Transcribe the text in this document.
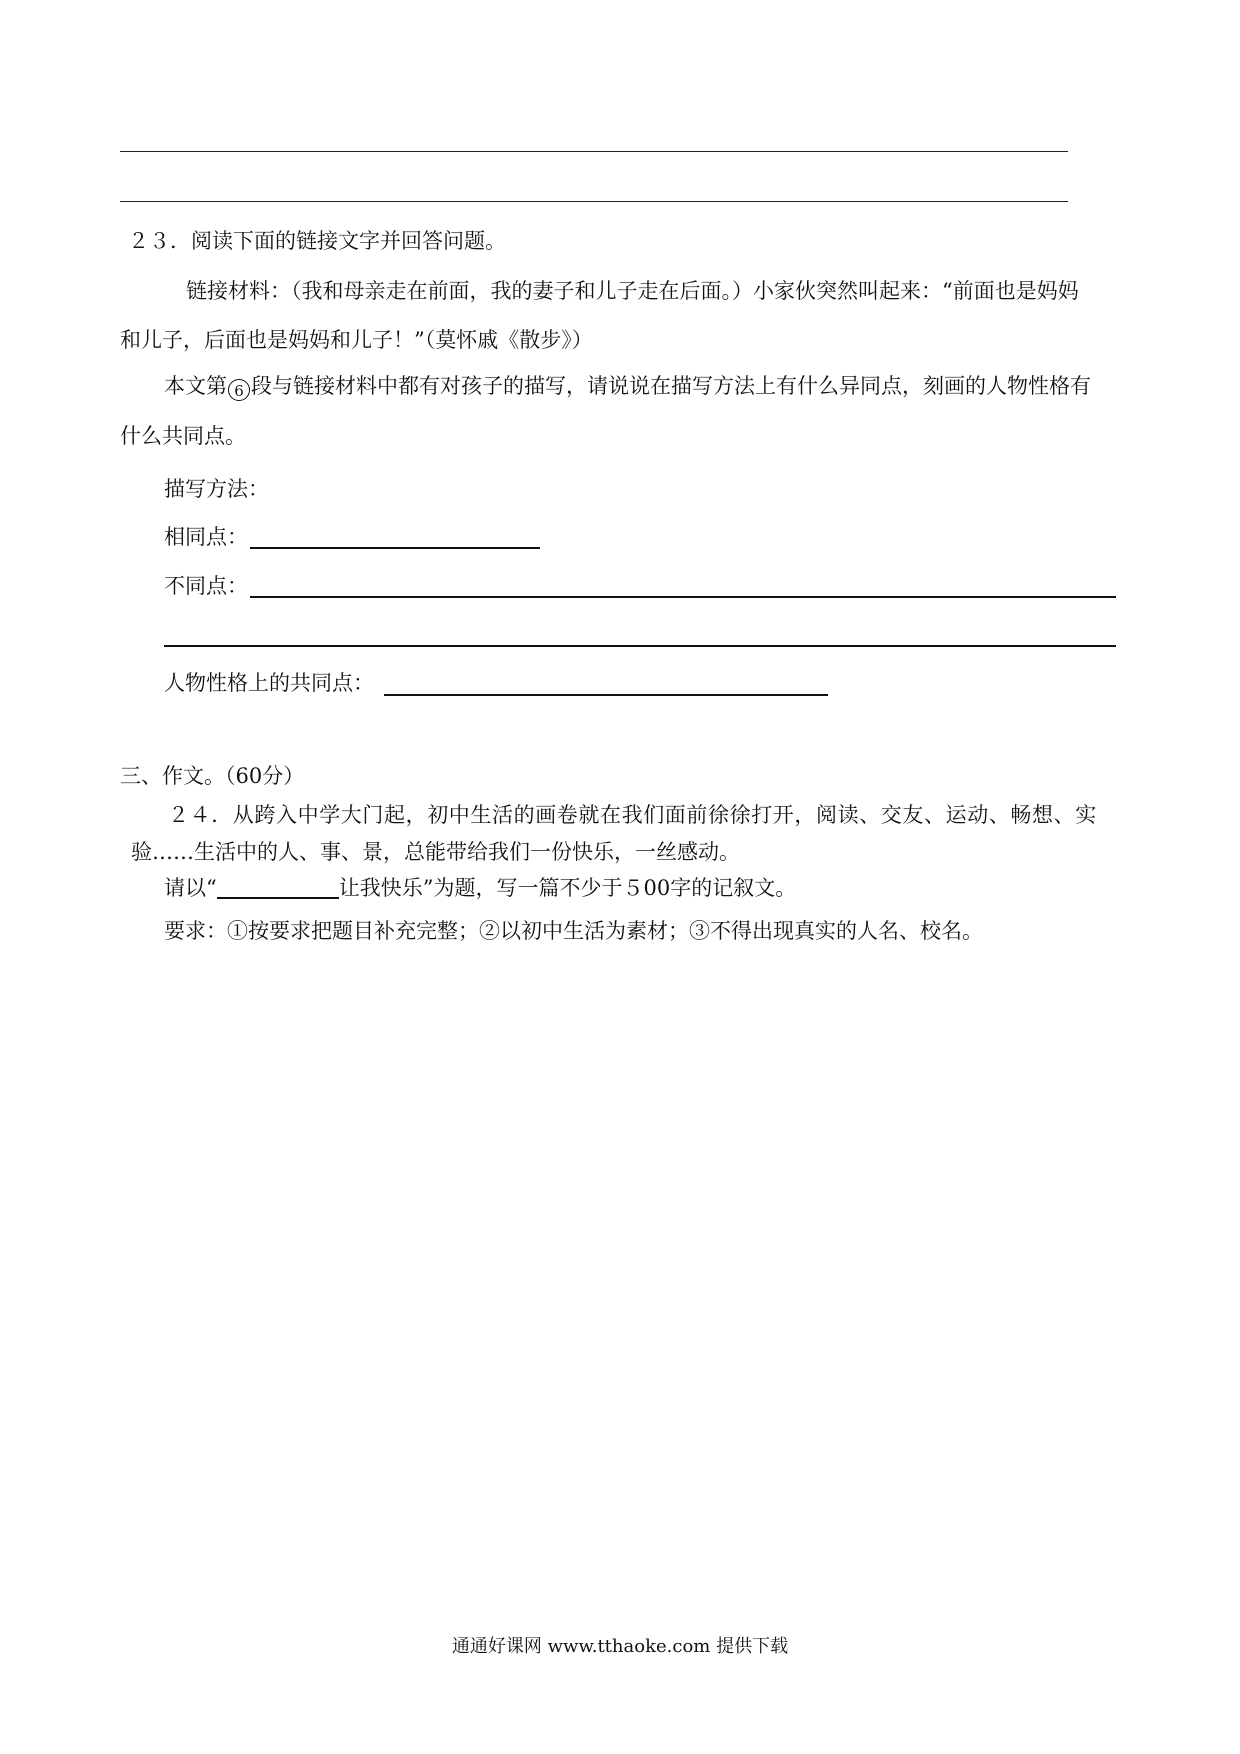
２３．阅读下面的链接文字并回答问题。
链接材料：（我和母亲走在前面，我的妻子和儿子走在后面。）小家伙突然叫起来：“前面也是妈妈
和儿子，后面也是妈妈和儿子！”（莫怀戚《散步》）
本文第 6 段与链接材料中都有对孩子的描写，请说说在描写方法上有什么异同点，刻画的人物性格有
什么共同点。
描写方法：
相同点：
不同点：
人物性格上的共同点：
三、作文。（60分）
２４．从跨入中学大门起，初中生活的画卷就在我们面前徐徐打开，阅读、交友、运动、畅想、实
验……生活中的人、事、景，总能带给我们一份快乐，一丝感动。
请以“	让我快乐”为题，写一篇不少于５00字的记叙文。
要求：①按要求把题目补充完整；②以初中生活为素材；③不得出现真实的人名、校名。
通通好课网 www.tthaoke.com 提供下载
